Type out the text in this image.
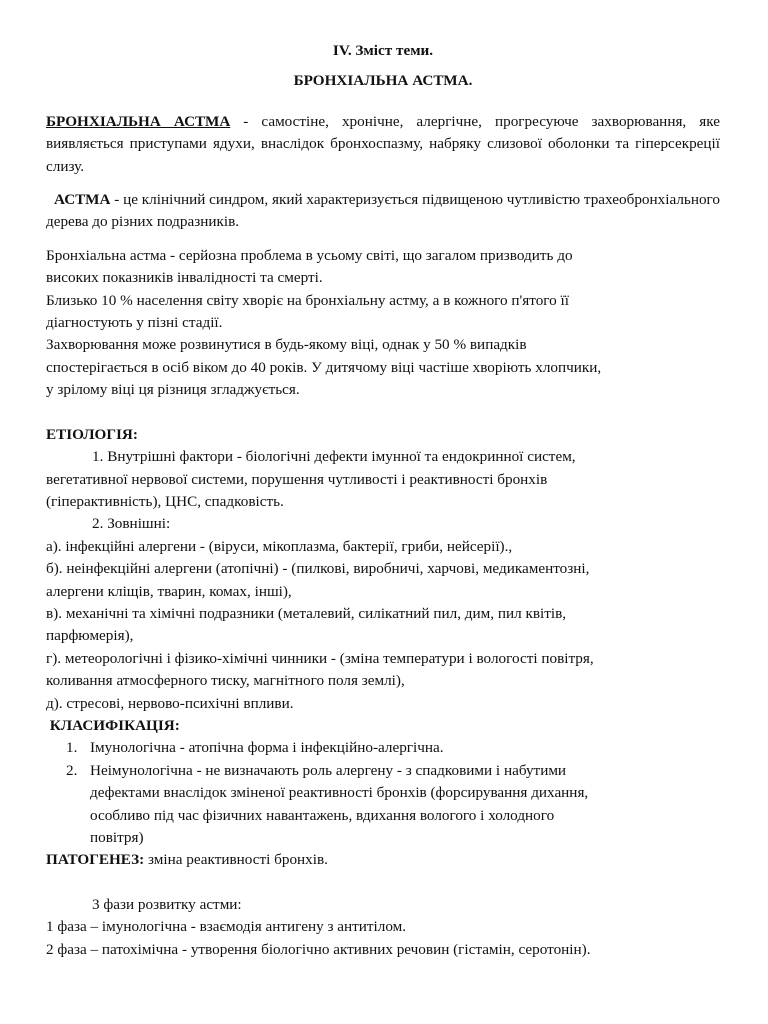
IV. Зміст теми.
БРОНХІАЛЬНА АСТМА.

БРОНХІАЛЬНА АСТМА - самостіне, хронічне, алергічне, прогресуюче захворювання, яке виявляється приступами ядухи, внаслідок бронхоспазму, набряку слизової оболонки та гіперсекреції слизу.

АСТМА - це клінічний синдром, який характеризується підвищеною чутливістю трахеобронхіального дерева до різних подразників.

Бронхіальна астма - серйозна проблема в усьому світі, що загалом призводить до

високих показників інвалідності та смерті.

Близько 10 % населення світу хворіє на бронхіальну астму, а в кожного п'ятого її

діагностують у пізні стадії.

Захворювання може розвинутися в будь-якому віці, однак у 50 % випадків

спостерігається в осіб віком до 40 років. У дитячому віці частіше хворіють хлопчики,

у зрілому віці ця різниця згладжується.

ЕТІОЛОГІЯ:

1. Внутрішні фактори - біологічні дефекти імунної та ендокринної систем,

вегетативної нервової системи, порушення чутливості і реактивності бронхів

(гіперактивність), ЦНС, спадковість.

2. Зовнішні:

а). інфекційні алергени - (віруси, мікоплазма, бактерії, гриби, нейсерії).,

б). неінфекційні алергени (атопічні) - (пилкові, виробничі, харчові, медикаментозні,

алергени кліщів, тварин, комах, інші),

в). механічні та хімічні подразники (металевий, силікатний пил, дим, пил квітів,

парфюмерія),

г). метеорологічні і фізико-хімічні чинники - (зміна температури і вологості повітря,

коливання атмосферного тиску, магнітного поля землі),

д). стресові, нервово-психічні впливи.

КЛАСИФІКАЦІЯ:

1. Імунологічна - атопічна форма і інфекційно-алергічна.
2. Неімунологічна - не визначають роль алергену - з спадковими і набутими
дефектами внаслідок зміненої реактивності бронхів (форсирування дихання,
особливо під час фізичних навантажень, вдихання вологого і холодного
повітря)

ПАТОГЕНЕЗ: зміна реактивності бронхів.

3 фази розвитку астми:

1 фаза – імунологічна - взаємодія антигену з антитілом.

2 фаза – патохімічна - утворення біологічно активних речовин (гістамін, серотонін).
